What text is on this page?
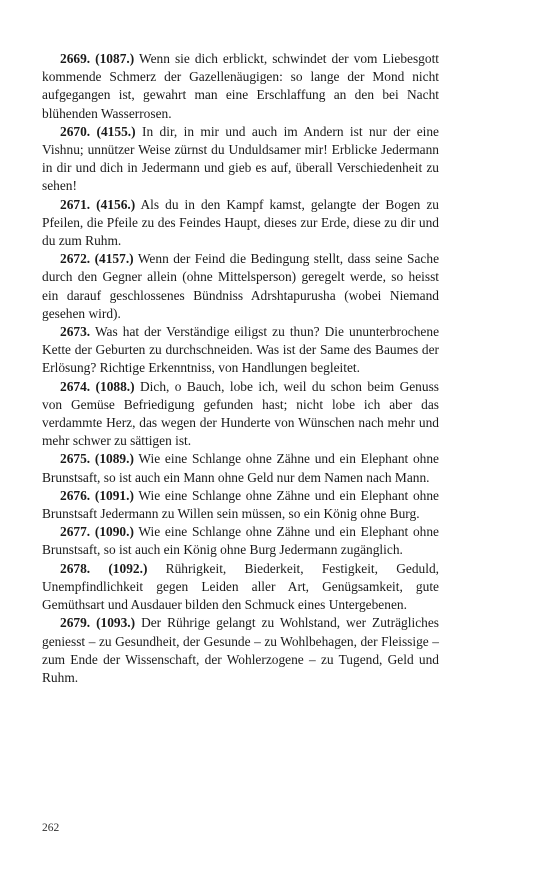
2669. (1087.) Wenn sie dich erblickt, schwindet der vom Liebesgott kommende Schmerz der Gazellenäugigen: so lange der Mond nicht aufgegangen ist, gewahrt man eine Erschlaffung an den bei Nacht blühenden Wasserrosen.

2670. (4155.) In dir, in mir und auch im Andern ist nur der eine Vishnu; unnützer Weise zürnst du Unduldsamer mir! Erblicke Jedermann in dir und dich in Jedermann und gieb es auf, überall Verschiedenheit zu sehen!

2671. (4156.) Als du in den Kampf kamst, gelangte der Bogen zu Pfeilen, die Pfeile zu des Feindes Haupt, dieses zur Erde, diese zu dir und du zum Ruhm.

2672. (4157.) Wenn der Feind die Bedingung stellt, dass seine Sache durch den Gegner allein (ohne Mittelsperson) geregelt werde, so heisst ein darauf geschlossenes Bündniss Adrshtapurusha (wobei Niemand gesehen wird).

2673. Was hat der Verständige eiligst zu thun? Die ununterbrochene Kette der Geburten zu durchschneiden. Was ist der Same des Baumes der Erlösung? Richtige Erkenntniss, von Handlungen begleitet.

2674. (1088.) Dich, o Bauch, lobe ich, weil du schon beim Genuss von Gemüse Befriedigung gefunden hast; nicht lobe ich aber das verdammte Herz, das wegen der Hunderte von Wünschen nach mehr und mehr schwer zu sättigen ist.

2675. (1089.) Wie eine Schlange ohne Zähne und ein Elephant ohne Brunstsaft, so ist auch ein Mann ohne Geld nur dem Namen nach Mann.

2676. (1091.) Wie eine Schlange ohne Zähne und ein Elephant ohne Brunstsaft Jedermann zu Willen sein müssen, so ein König ohne Burg.

2677. (1090.) Wie eine Schlange ohne Zähne und ein Elephant ohne Brunstsaft, so ist auch ein König ohne Burg Jedermann zugänglich.

2678. (1092.) Rührigkeit, Biederkeit, Festigkeit, Geduld, Unempfindlichkeit gegen Leiden aller Art, Genügsamkeit, gute Gemüthsart und Ausdauer bilden den Schmuck eines Untergebenen.

2679. (1093.) Der Rührige gelangt zu Wohlstand, wer Zuträgliches geniesst – zu Gesundheit, der Gesunde – zu Wohlbehagen, der Fleissige – zum Ende der Wissenschaft, der Wohlerzogene – zu Tugend, Geld und Ruhm.

262
